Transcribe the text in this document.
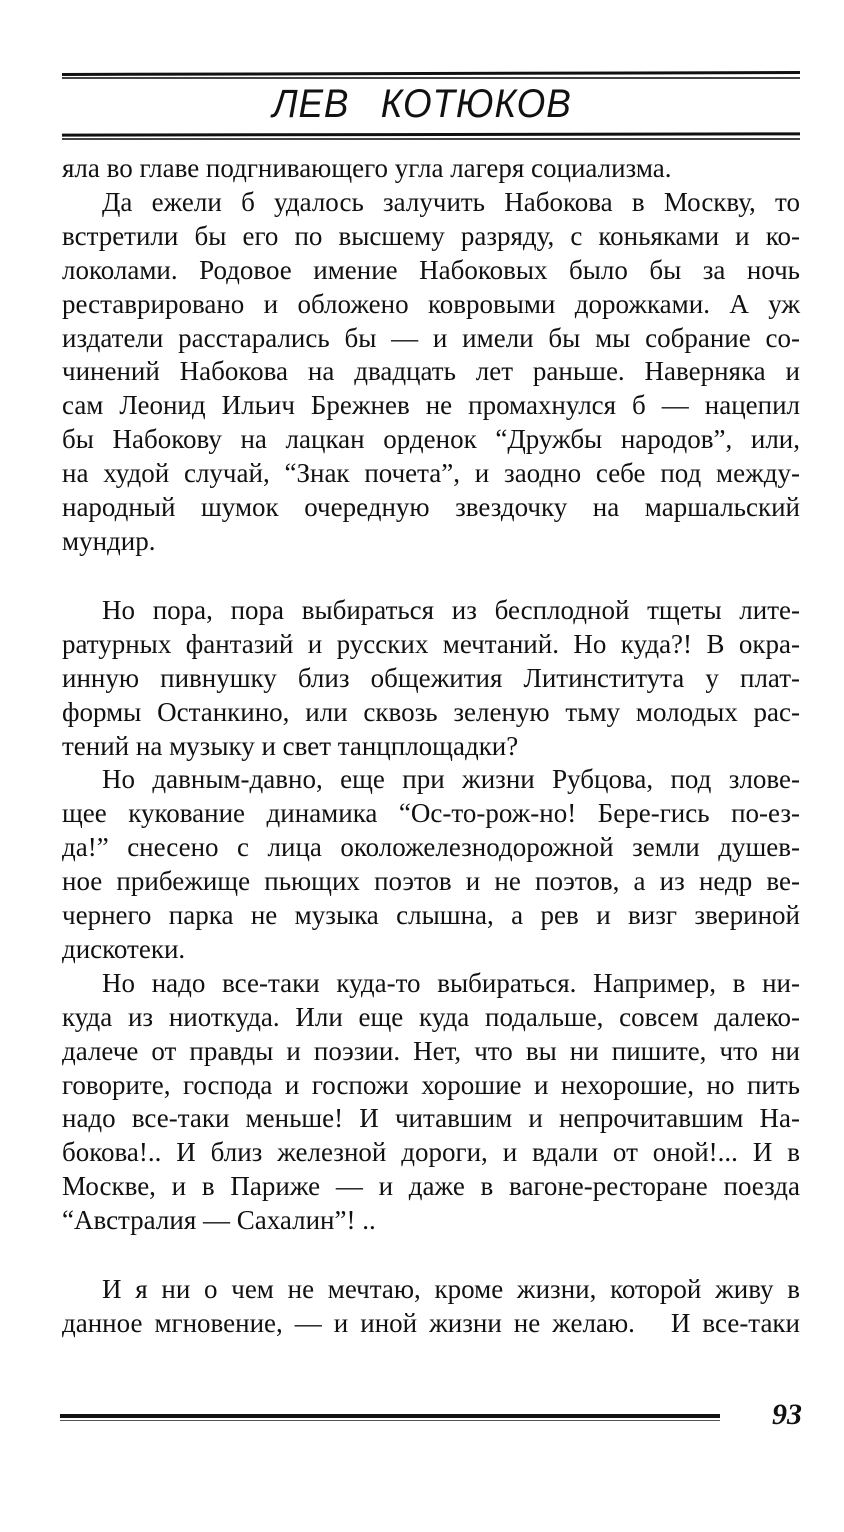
ЛЕВ КОТЮКОВ
яла во главе подгнивающего угла лагеря социализма.
Да ежели б удалось залучить Набокова в Москву, то
встретили бы его по высшему разряду, с коньяками и ко-
локолами. Родовое имение Набоковых было бы за ночь
реставрировано и обложено ковровыми дорожками. А уж
издатели расстарались бы — и имели бы мы собрание со-
чинений Набокова на двадцать лет раньше. Наверняка и
сам Леонид Ильич Брежнев не промахнулся б — нацепил
бы Набокову на лацкан орденок “Дружбы народов”, или,
на худой случай, “Знак почета”, и заодно себе под между-
народный шумок очередную звездочку на маршальский
мундир.
Но пора, пора выбираться из бесплодной тщеты лите-
ратурных фантазий и русских мечтаний. Но куда?! В окра-
инную пивнушку близ общежития Литинститута у плат-
формы Останкино, или сквозь зеленую тьму молодых рас-
тений на музыку и свет танцплощадки?
Но давным-давно, еще при жизни Рубцова, под злове-
щее кукование динамика “Ос-то-рож-но! Бере-гись по-ез-
да!” снесено с лица околожелезнодорожной земли душев-
ное прибежище пьющих поэтов и не поэтов, а из недр ве-
чернего парка не музыка слышна, а рев и визг звериной
дискотеки.
Но надо все-таки куда-то выбираться. Например, в ни-
куда из ниоткуда. Или еще куда подальше, совсем далеко-
далече от правды и поэзии. Нет, что вы ни пишите, что ни
говорите, господа и госпожи хорошие и нехорошие, но пить
надо все-таки меньше! И читавшим и непрочитавшим На-
бокова!.. И близ железной дороги, и вдали от оной!... И в
Москве, и в Париже — и даже в вагоне-ресторане поезда
“Австралия — Сахалин”! ..
И я ни о чем не мечтаю, кроме жизни, которой живу в
данное мгновение, — и иной жизни не желаю.   И все-таки
93
